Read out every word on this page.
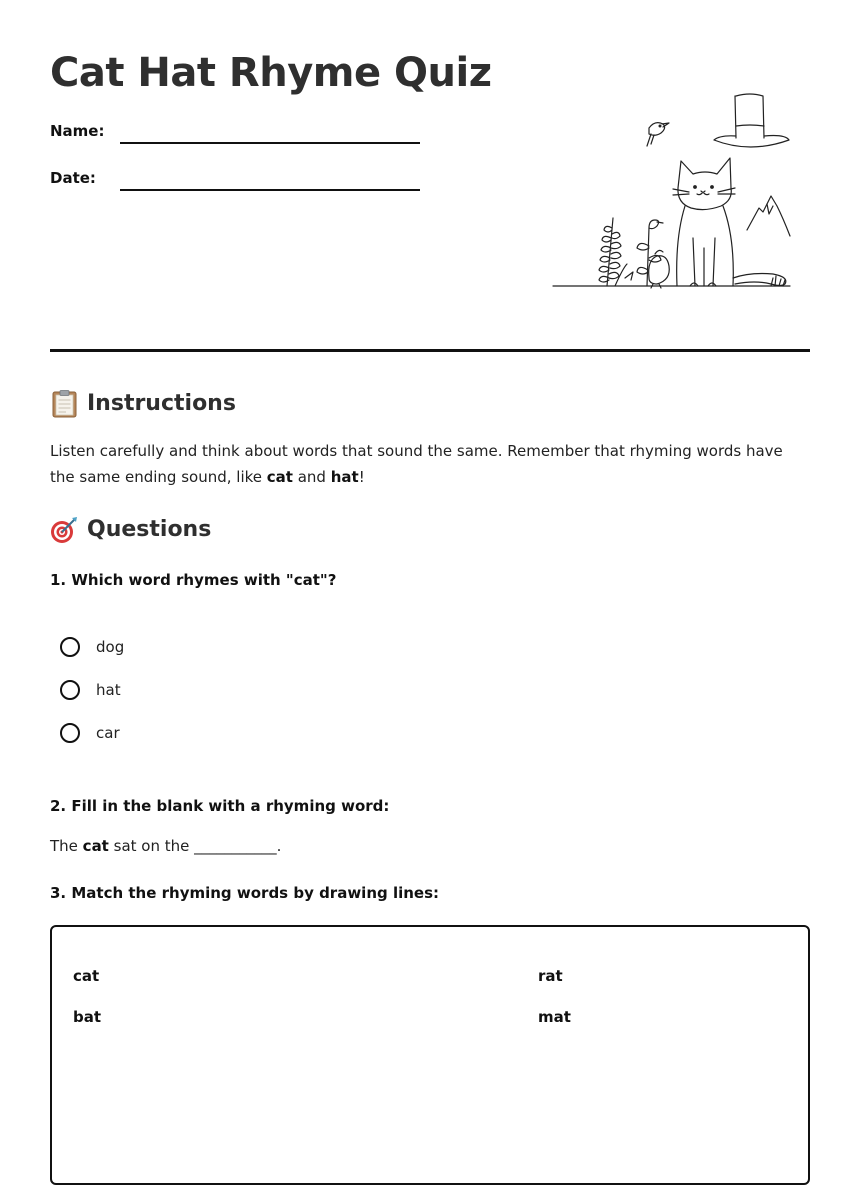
Cat Hat Rhyme Quiz
Name:
Date:
Instructions

Listen carefully and think about words that sound the same. Remember that rhyming words have the same ending sound, like cat and hat!

Questions
1. Which word rhymes with "cat"?
dog
hat
car
2. Fill in the blank with a rhyming word:
The cat sat on the ___________.
3. Match the rhyming words by drawing lines:
cat
bat
rat
mat
